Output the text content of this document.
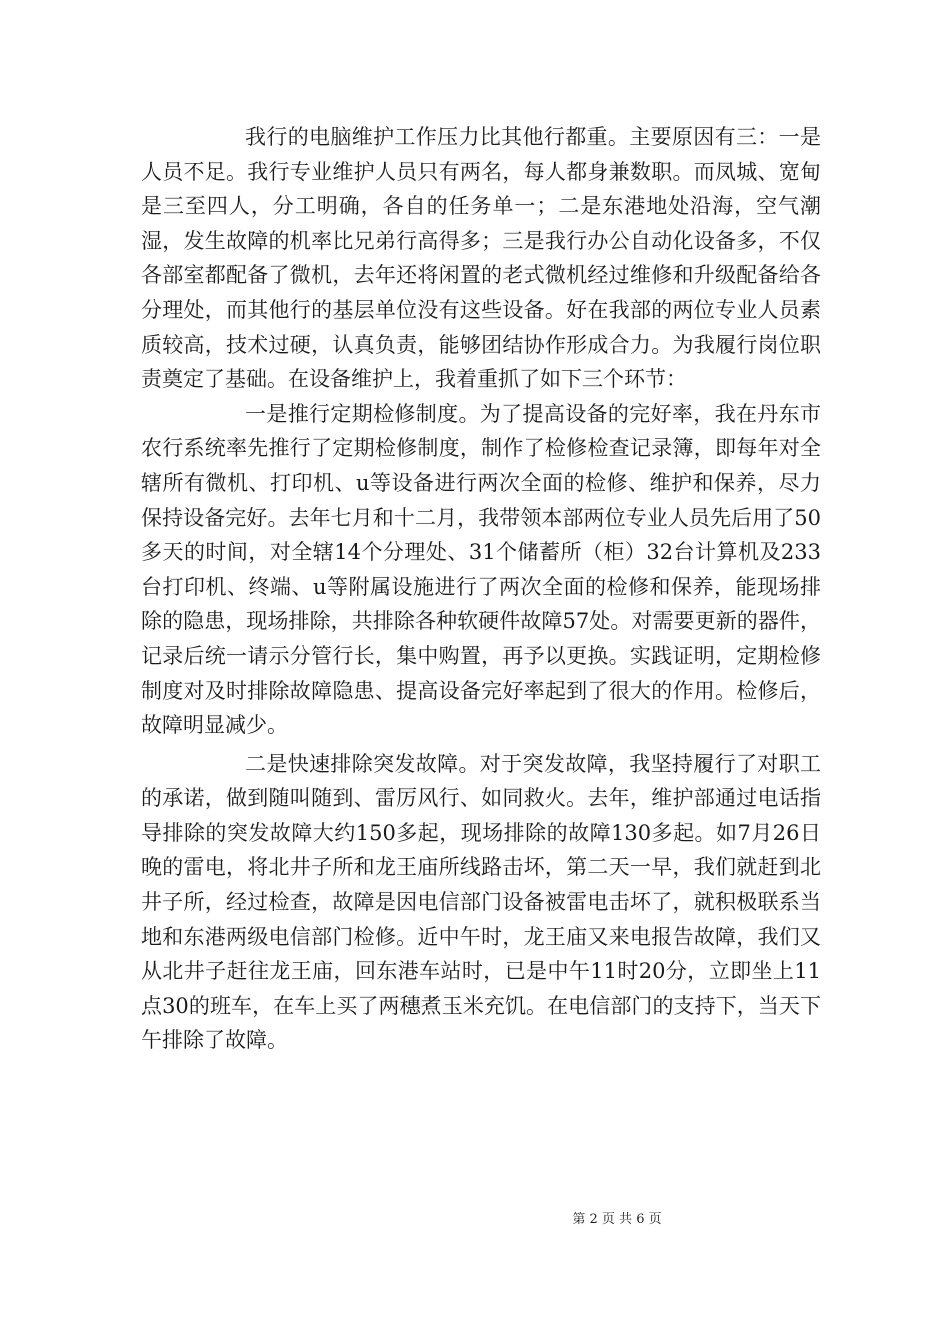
我行的电脑维护工作压力比其他行都重。主要原因有三：一是人员不足。我行专业维护人员只有两名，每人都身兼数职。而凤城、宽甸是三至四人，分工明确，各自的任务单一；二是东港地处沿海，空气潮湿，发生故障的机率比兄弟行高得多；三是我行办公自动化设备多，不仅各部室都配备了微机，去年还将闲置的老式微机经过维修和升级配备给各分理处，而其他行的基层单位没有这些设备。好在我部的两位专业人员素质较高，技术过硬，认真负责，能够团结协作形成合力。为我履行岗位职责奠定了基础。在设备维护上，我着重抓了如下三个环节：

一是推行定期检修制度。为了提高设备的完好率，我在丹东市农行系统率先推行了定期检修制度，制作了检修检查记录簿，即每年对全辖所有微机、打印机、u等设备进行两次全面的检修、维护和保养，尽力保持设备完好。去年七月和十二月，我带领本部两位专业人员先后用了50多天的时间，对全辖14个分理处、31个储蓄所（柜）32台计算机及233台打印机、终端、u等附属设施进行了两次全面的检修和保养，能现场排除的隐患，现场排除，共排除各种软硬件故障57处。对需要更新的器件，记录后统一请示分管行长，集中购置，再予以更换。实践证明，定期检修制度对及时排除故障隐患、提高设备完好率起到了很大的作用。检修后，故障明显减少。

二是快速排除突发故障。对于突发故障，我坚持履行了对职工的承诺，做到随叫随到、雷厉风行、如同救火。去年，维护部通过电话指导排除的突发故障大约150多起，现场排除的故障130多起。如7月26日晚的雷电，将北井子所和龙王庙所线路击坏，第二天一早，我们就赶到北井子所，经过检查，故障是因电信部门设备被雷电击坏了，就积极联系当地和东港两级电信部门检修。近中午时，龙王庙又来电报告故障，我们又从北井子赶往龙王庙，回东港车站时，已是中午11时20分，立即坐上11点30的班车，在车上买了两穗煮玉米充饥。在电信部门的支持下，当天下午排除了故障。

第 2 页 共 6 页
